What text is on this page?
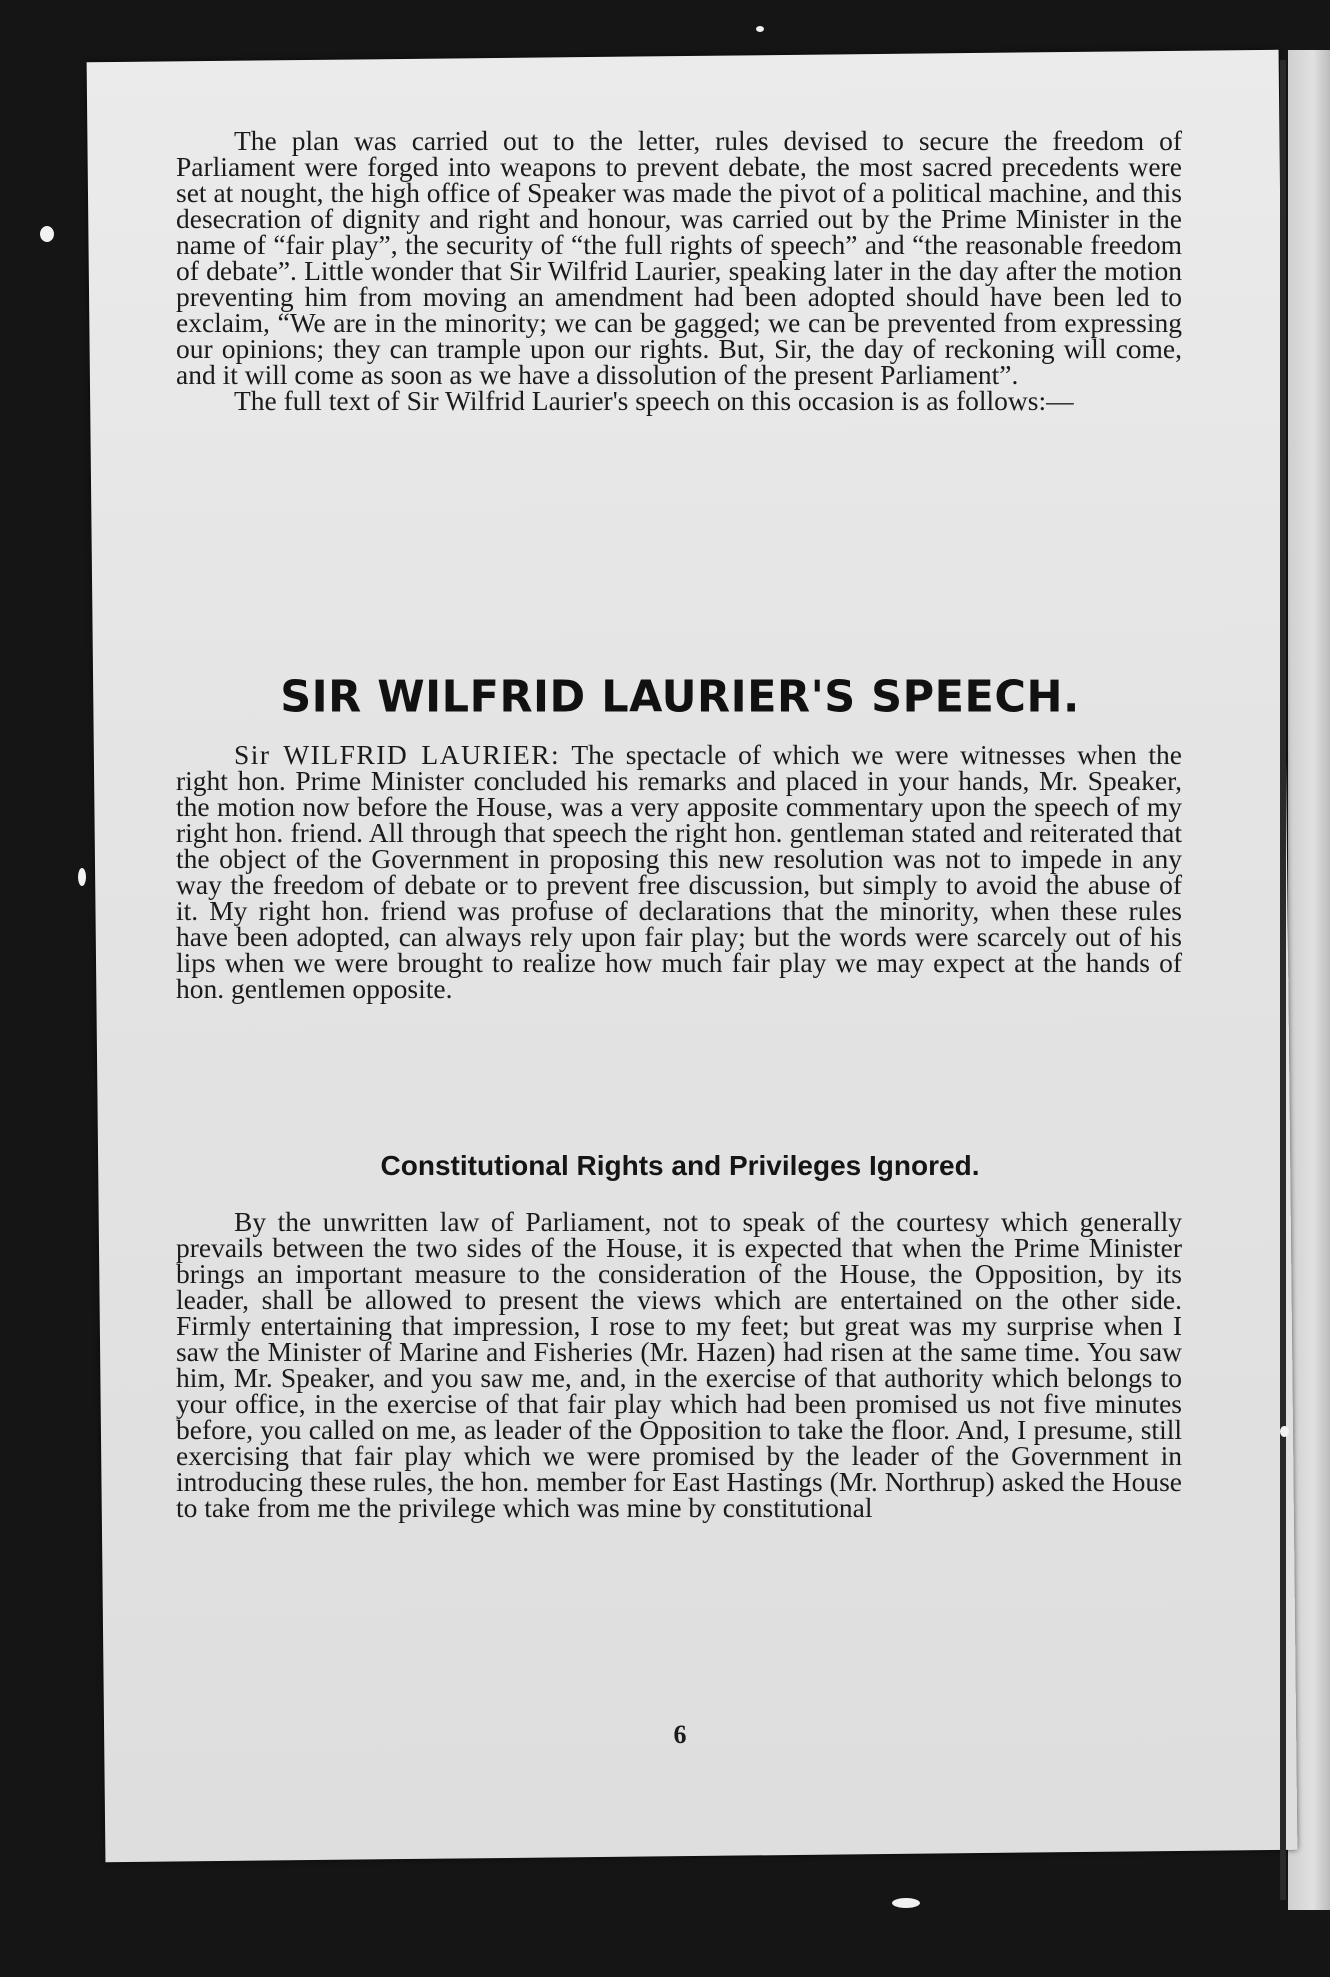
The plan was carried out to the letter, rules devised to secure the freedom of Parliament were forged into weapons to prevent debate, the most sacred precedents were set at nought, the high office of Speaker was made the pivot of a political machine, and this desecration of dignity and right and honour, was carried out by the Prime Minister in the name of “fair play”, the security of “the full rights of speech” and “the reasonable freedom of debate”. Little wonder that Sir Wilfrid Laurier, speaking later in the day after the motion preventing him from moving an amendment had been adopted should have been led to exclaim, “We are in the minority; we can be gagged; we can be prevented from expressing our opinions; they can trample upon our rights. But, Sir, the day of reckoning will come, and it will come as soon as we have a dissolution of the present Parliament”.

The full text of Sir Wilfrid Laurier's speech on this occasion is as follows:—

SIR WILFRID LAURIER'S SPEECH.

Sir WILFRID LAURIER: The spectacle of which we were witnesses when the right hon. Prime Minister concluded his remarks and placed in your hands, Mr. Speaker, the motion now before the House, was a very apposite commentary upon the speech of my right hon. friend. All through that speech the right hon. gentleman stated and reiterated that the object of the Government in proposing this new resolution was not to impede in any way the freedom of debate or to prevent free discussion, but simply to avoid the abuse of it. My right hon. friend was profuse of declarations that the minority, when these rules have been adopted, can always rely upon fair play; but the words were scarcely out of his lips when we were brought to realize how much fair play we may expect at the hands of hon. gentlemen opposite.

Constitutional Rights and Privileges Ignored.

By the unwritten law of Parliament, not to speak of the courtesy which generally prevails between the two sides of the House, it is expected that when the Prime Minister brings an important measure to the consideration of the House, the Opposition, by its leader, shall be allowed to present the views which are entertained on the other side. Firmly entertaining that impression, I rose to my feet; but great was my surprise when I saw the Minister of Marine and Fisheries (Mr. Hazen) had risen at the same time. You saw him, Mr. Speaker, and you saw me, and, in the exercise of that authority which belongs to your office, in the exercise of that fair play which had been promised us not five minutes before, you called on me, as leader of the Opposition to take the floor. And, I presume, still exercising that fair play which we were promised by the leader of the Government in introducing these rules, the hon. member for East Hastings (Mr. Northrup) asked the House to take from me the privilege which was mine by constitutional

6
